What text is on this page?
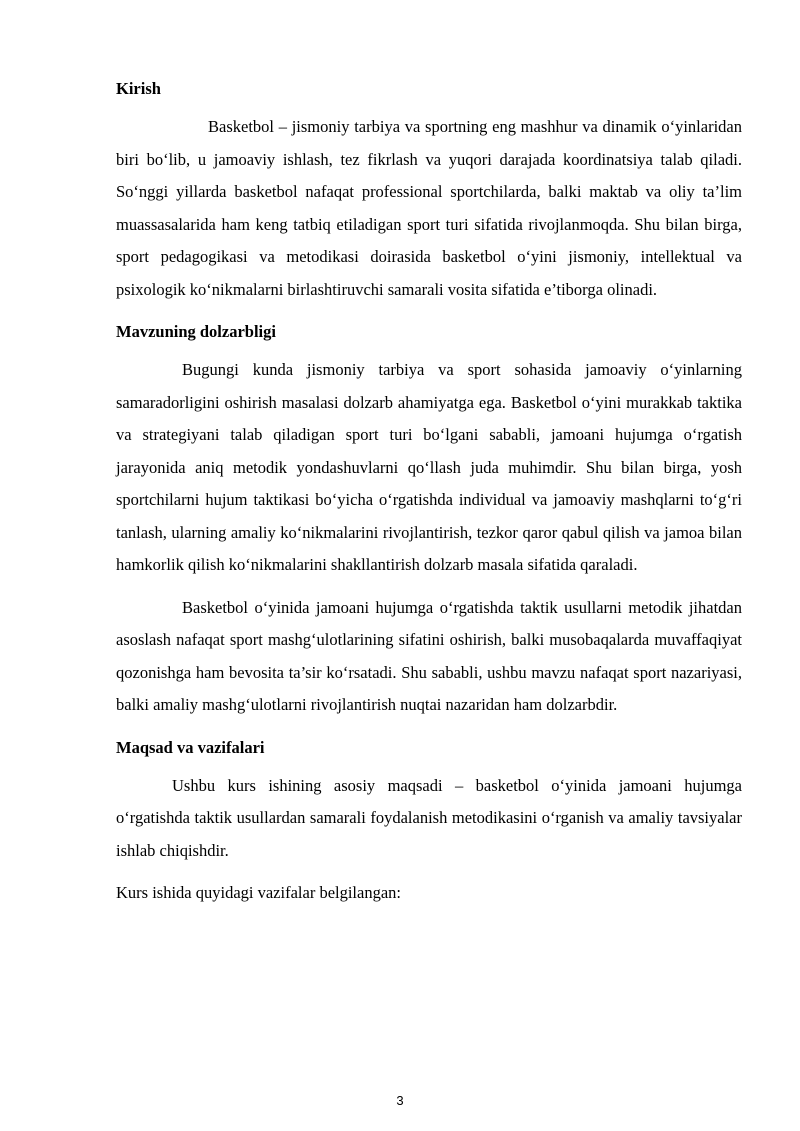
Kirish

Basketbol – jismoniy tarbiya va sportning eng mashhur va dinamik o‘yinlaridan biri bo‘lib, u jamoaviy ishlash, tez fikrlash va yuqori darajada koordinatsiya talab qiladi. So‘nggi yillarda basketbol nafaqat professional sportchilarda, balki maktab va oliy ta’lim muassasalarida ham keng tatbiq etiladigan sport turi sifatida rivojlanmoqda. Shu bilan birga, sport pedagogikasi va metodikasi doirasida basketbol o‘yini jismoniy, intellektual va psixologik ko‘nikmalarni birlashtiruvchi samarali vosita sifatida e’tiborga olinadi.

Mavzuning dolzarbligi

Bugungi kunda jismoniy tarbiya va sport sohasida jamoaviy o‘yinlarning samaradorligini oshirish masalasi dolzarb ahamiyatga ega. Basketbol o‘yini murakkab taktika va strategiyani talab qiladigan sport turi bo‘lgani sababli, jamoani hujumga o‘rgatish jarayonida aniq metodik yondashuvlarni qo‘llash juda muhimdir. Shu bilan birga, yosh sportchilarni hujum taktikasi bo‘yicha o‘rgatishda individual va jamoaviy mashqlarni to‘g‘ri tanlash, ularning amaliy ko‘nikmalarini rivojlantirish, tezkor qaror qabul qilish va jamoa bilan hamkorlik qilish ko‘nikmalarini shakllantirish dolzarb masala sifatida qaraladi.

Basketbol o‘yinida jamoani hujumga o‘rgatishda taktik usullarni metodik jihatdan asoslash nafaqat sport mashg‘ulotlarining sifatini oshirish, balki musobaqalarda muvaffaqiyat qozonishga ham bevosita ta’sir ko‘rsatadi. Shu sababli, ushbu mavzu nafaqat sport nazariyasi, balki amaliy mashg‘ulotlarni rivojlantirish nuqtai nazaridan ham dolzarbdir.

Maqsad va vazifalari

Ushbu kurs ishining asosiy maqsadi – basketbol o‘yinida jamoani hujumga o‘rgatishda taktik usullardan samarali foydalanish metodikasini o‘rganish va amaliy tavsiyalar ishlab chiqishdir.

Kurs ishida quyidagi vazifalar belgilangan:

3
